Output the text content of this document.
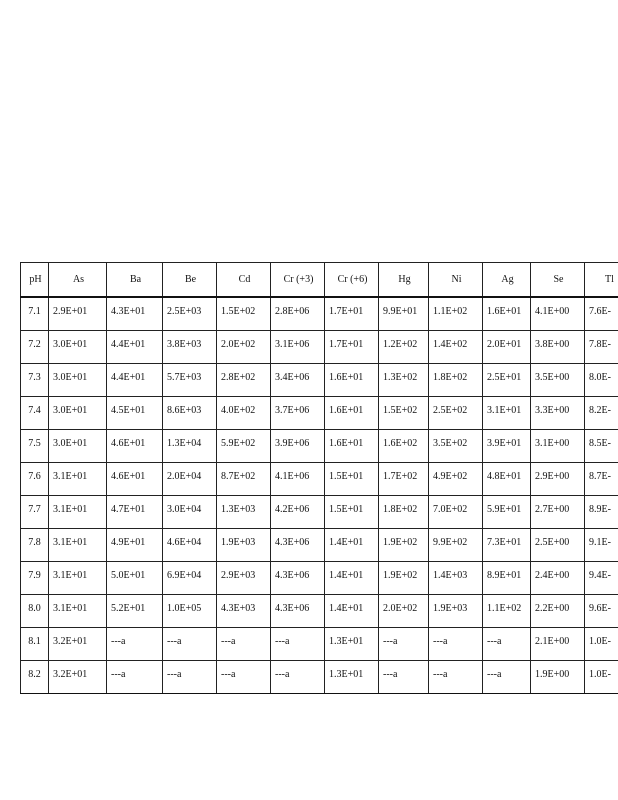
pH	As	Ba	Be	Cd	Cr (+3)	Cr (+6)	Hg	Ni	Ag	Se	Tl
7.1	2.9E+01	4.3E+01	2.5E+03	1.5E+02	2.8E+06	1.7E+01	9.9E+01	1.1E+02	1.6E+01	4.1E+00	7.6E-
7.2	3.0E+01	4.4E+01	3.8E+03	2.0E+02	3.1E+06	1.7E+01	1.2E+02	1.4E+02	2.0E+01	3.8E+00	7.8E-
7.3	3.0E+01	4.4E+01	5.7E+03	2.8E+02	3.4E+06	1.6E+01	1.3E+02	1.8E+02	2.5E+01	3.5E+00	8.0E-
7.4	3.0E+01	4.5E+01	8.6E+03	4.0E+02	3.7E+06	1.6E+01	1.5E+02	2.5E+02	3.1E+01	3.3E+00	8.2E-
7.5	3.0E+01	4.6E+01	1.3E+04	5.9E+02	3.9E+06	1.6E+01	1.6E+02	3.5E+02	3.9E+01	3.1E+00	8.5E-
7.6	3.1E+01	4.6E+01	2.0E+04	8.7E+02	4.1E+06	1.5E+01	1.7E+02	4.9E+02	4.8E+01	2.9E+00	8.7E-
7.7	3.1E+01	4.7E+01	3.0E+04	1.3E+03	4.2E+06	1.5E+01	1.8E+02	7.0E+02	5.9E+01	2.7E+00	8.9E-
7.8	3.1E+01	4.9E+01	4.6E+04	1.9E+03	4.3E+06	1.4E+01	1.9E+02	9.9E+02	7.3E+01	2.5E+00	9.1E-
7.9	3.1E+01	5.0E+01	6.9E+04	2.9E+03	4.3E+06	1.4E+01	1.9E+02	1.4E+03	8.9E+01	2.4E+00	9.4E-
8.0	3.1E+01	5.2E+01	1.0E+05	4.3E+03	4.3E+06	1.4E+01	2.0E+02	1.9E+03	1.1E+02	2.2E+00	9.6E-
8.1	3.2E+01	---a	---a	---a	---a	1.3E+01	---a	---a	---a	2.1E+00	1.0E-
8.2	3.2E+01	---a	---a	---a	---a	1.3E+01	---a	---a	---a	1.9E+00	1.0E-
